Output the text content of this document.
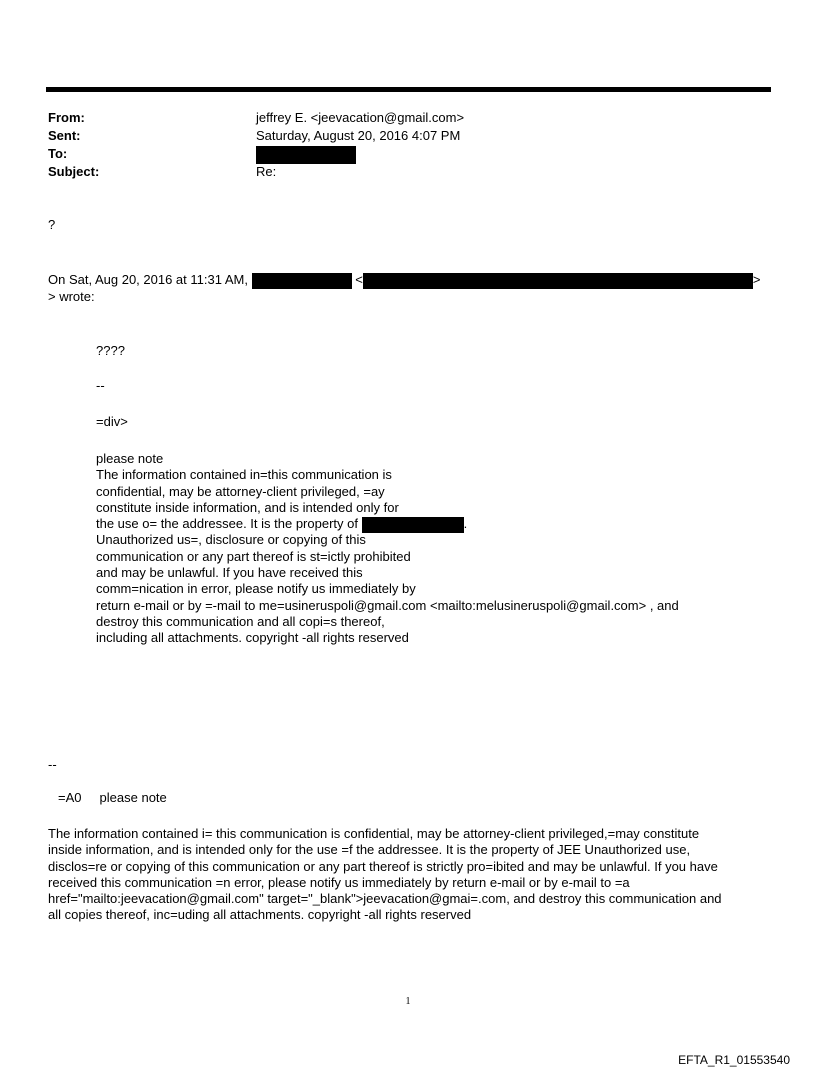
From:	jeffrey E. <jeevacation@gmail.com>
Sent:	Saturday, August 20, 2016 4:07 PM
To:
Subject:	Re:
?
On Sat, Aug 20, 2016 at 11:31 AM,	<	>
> wrote:
????
--
=div>
please note
The information contained in=this communication is
confidential, may be attorney-client privileged, =ay
constitute inside information, and is intended only for
the use o= the addressee. It is the property of	.
Unauthorized us=, disclosure or copying of this
communication or any part thereof is st=ictly prohibited
and may be unlawful. If you have received this
comm=nication in error, please notify us immediately by
return e-mail or by =-mail to me=usineruspoli@gmail.com <mailto:melusineruspoli@gmail.com> , and
destroy this communication and all copi=s thereof,
including all attachments. copyright -all rights reserved
--
=A0     please note
The information contained i= this communication is confidential, may be attorney-client privileged,=may constitute
inside information, and is intended only for the use =f the addressee. It is the property of JEE Unauthorized use,
disclos=re or copying of this communication or any part thereof is strictly pro=ibited and may be unlawful. If you have
received this communication =n error, please notify us immediately by return e-mail or by e-mail to =a
href="mailto:jeevacation@gmail.com" target="_blank">jeevacation@gmai=.com, and destroy this communication and
all copies thereof, inc=uding all attachments. copyright -all rights reserved
1
EFTA_R1_01553540
